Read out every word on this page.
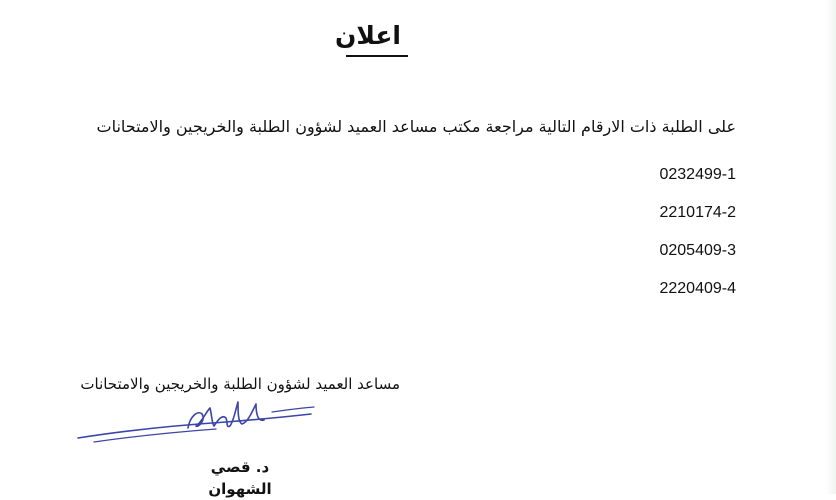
اعلان
على الطلبة ذات الارقام التالية مراجعة مكتب مساعد العميد لشؤون الطلبة والخريجين والامتحانات
0232499-1
2210174-2
0205409-3
2220409-4
مساعد العميد لشؤون الطلبة والخريجين والامتحانات
د. قصي الشهوان
